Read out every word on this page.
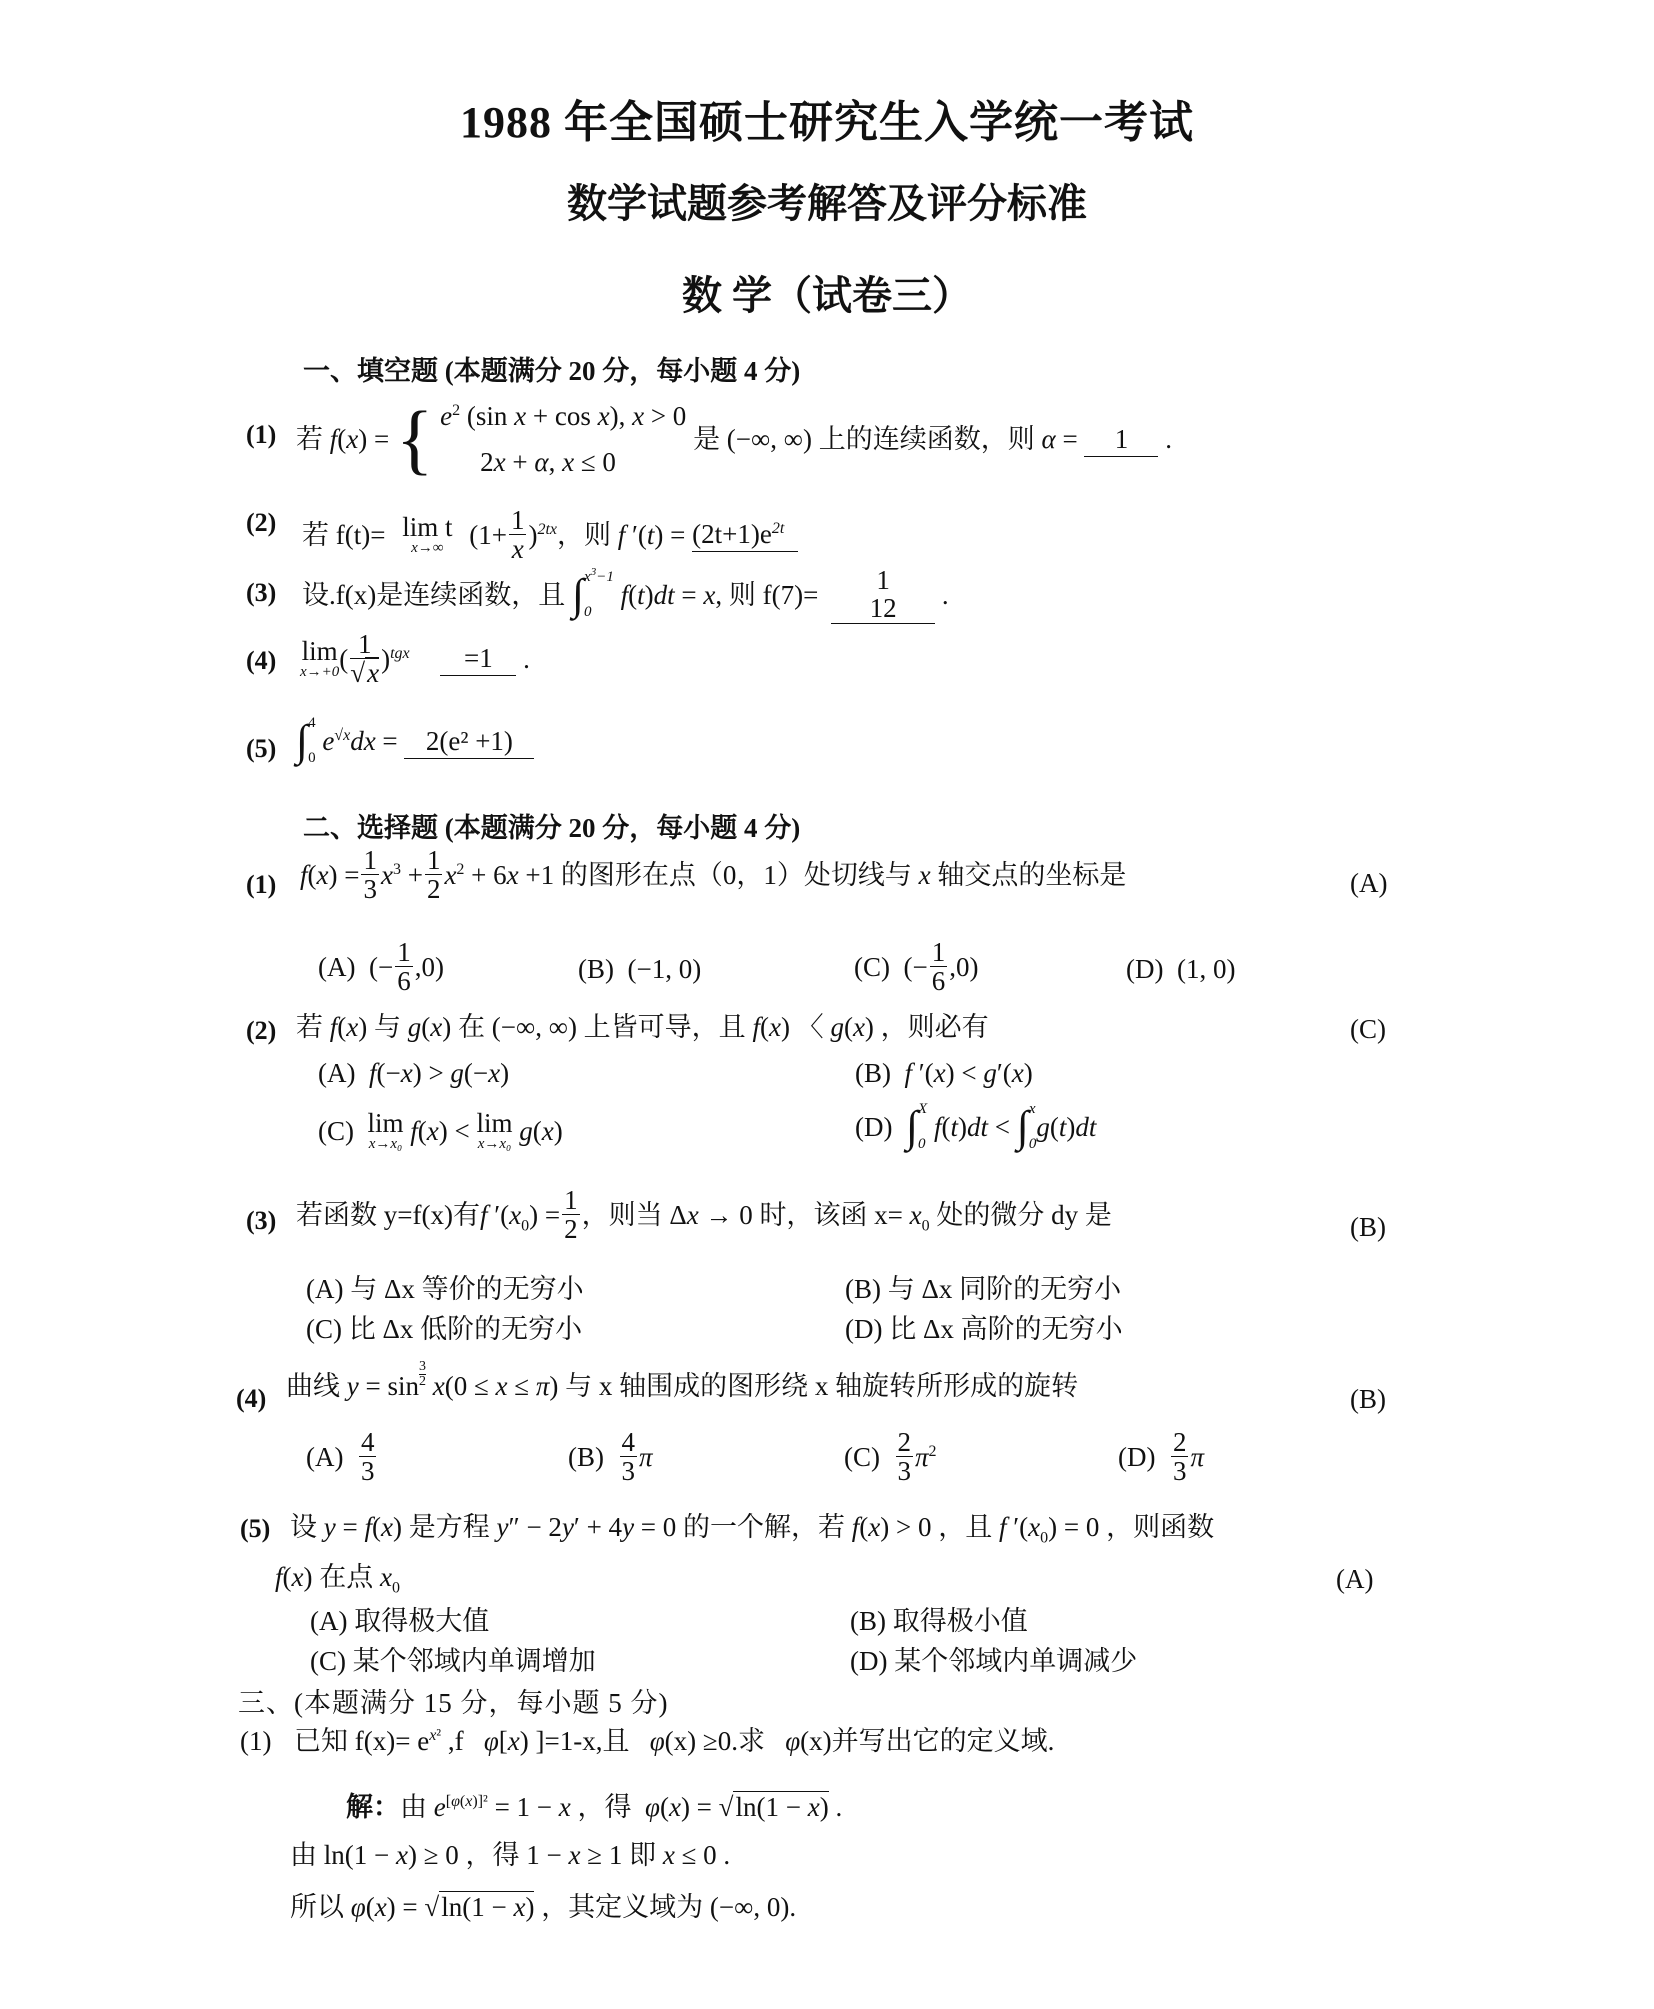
1988 年全国硕士研究生入学统一考试
数学试题参考解答及评分标准
数 学（试卷三）
一、填空题 (本题满分 20 分，每小题 4 分)
(1) 若 f(x) = { $e^2$ (sin x + cos x), x > 0
2x + α, x ≤ 0
是 (−∞, ∞) 上的连续函数，则 α = 1 .
(2) 若 f(t)= lim t
x→∞ $(1+ \frac{1}{x} )^{2tx}$，则 f $'(t) = (2t+1)e^{2t}$
(3) 设.f(x)是连续函数，且 ∫ $x^3-1$
0
f(t)dt = x, 则 f(7)= 1
12 .
(4) lim
x→+0 ( $\frac{1}{√x} )^{tgx} =1$ .
(5) ∫ 4
0
$e^{√x}dx = 2(e^2 +1)$
二、选择题 (本题满分 20 分，每小题 4 分)
(1) $f(x) = \frac{1}{3} x^3 + \frac{1}{2} x^2 + 6x +1$ 的图形在点（0，1）处切线与 x 轴交点的坐标是	(A)
(A)  (− $\frac{1}{6} ,0$)	(B)  (−1, 0)	(C)  (− $\frac{1}{6} ,0$)	(D)  (1, 0)
(2) 若 f(x) 与 g(x) 在 (−∞, ∞) 上皆可导，且 f(x) 〈 g(x) ，则必有	(C)
(A)  f(−x) > g(−x)	(B)  f ′(x) < g′(x)
(C)  lim
x→x₀ f(x) < lim
x→x₀ g(x)	(D)  ∫ X
0
f(t)dt < ∫ x
0
g(t)dt
(3) 若函数 y=f(x)有f $'(x_0) = \frac{1}{2}$ ，则当 Δx → 0 时，该函 $x= x_0$ 处的微分 dy 是	(B)
(A) 与 Δx 等价的无穷小	(B) 与 Δx 同阶的无穷小
(C) 比 Δx 低阶的无穷小	(D) 比 Δx 高阶的无穷小
(4) 曲线 $y = \sin \frac{3}{2} x(0 \le x \le \pi)$ 与 x 轴围成的图形绕 x 轴旋转所形成的旋转	(B)
$(A) \frac{4}{3}$	$(B) \frac{4}{3}$ π	$(C) \frac{2}{3} \pi^2$	$(D) \frac{2}{3}$ π
(5) 设 y = f(x) 是方程 y″ − 2y′ + 4y = 0 的一个解，若 f(x) > 0 ，且 f $'(x_0) = 0$ ，则函数
f(x) 在点 $x_0$	(A)
(A) 取得极大值	(B) 取得极小值
(C) 某个邻域内单调增加	(D) 某个邻域内单调减少
三、(本题满分 15 分，每小题 5 分)
(1) 已知 $f(x)= e^{x^2}$ ,f   φ[x) ]=1-x,且   φ(x) ≥0.求   φ(x)并写出它的定义域.
解：由 $e^{[\varphi(x)]^2} = 1 - x$ ，得  φ(x) = √ln(1 − x) .
由 ln(1 − x) ≥ 0 ，得 1 − x ≥ 1 即 x ≤ 0 .
所以 φ(x) = √ln(1 − x) ，其定义域为 (−∞, 0).
